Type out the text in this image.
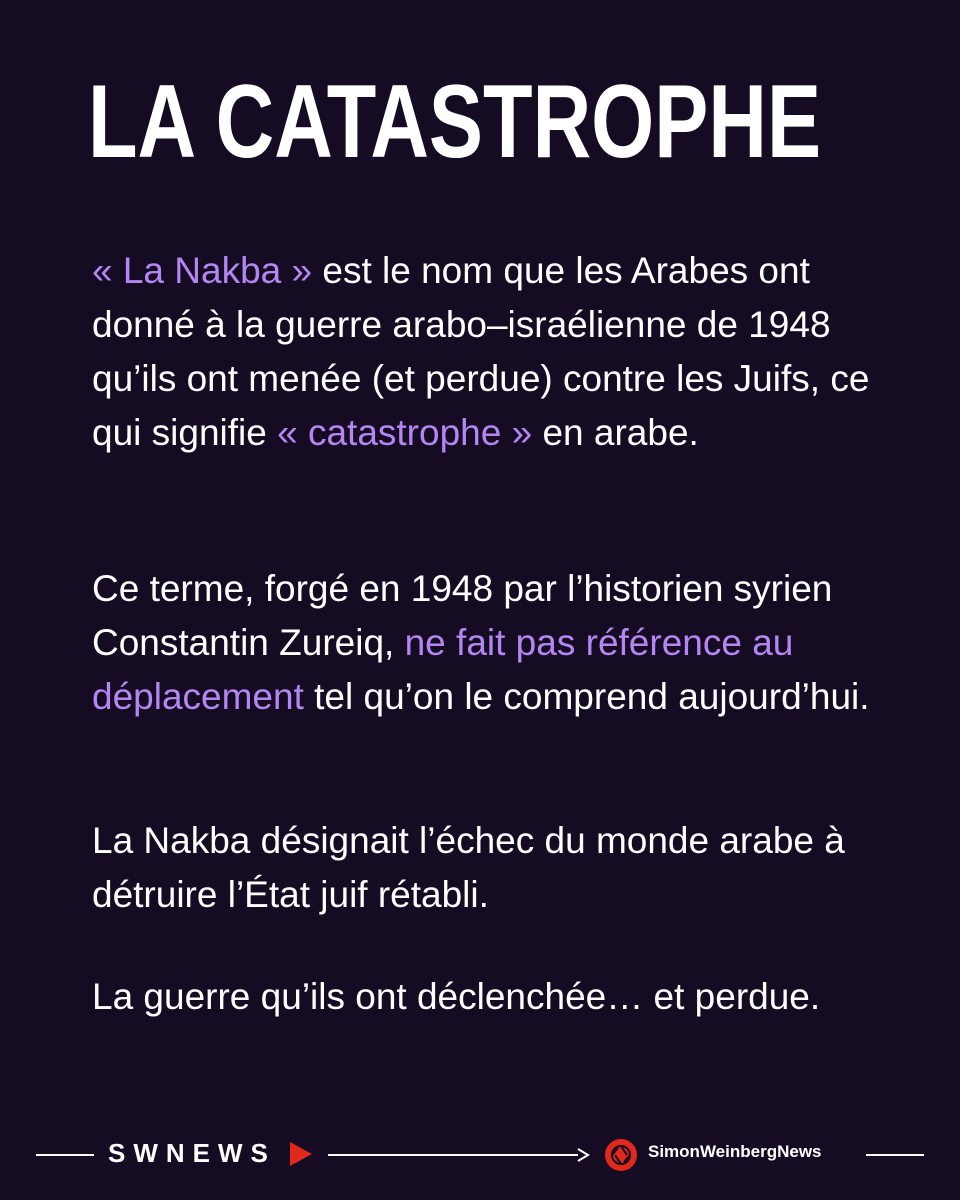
LA CATASTROPHE

« La Nakba » est le nom que les Arabes ont donné à la guerre arabo–israélienne de 1948 qu’ils ont menée (et perdue) contre les Juifs, ce qui signifie « catastrophe » en arabe.

Ce terme, forgé en 1948 par l’historien syrien Constantin Zureiq, ne fait pas référence au déplacement tel qu’on le comprend aujourd’hui.

La Nakba désignait l’échec du monde arabe à détruire l’État juif rétabli.

La guerre qu’ils ont déclenchée… et perdue.

SWNEWS	SimonWeinbergNews
